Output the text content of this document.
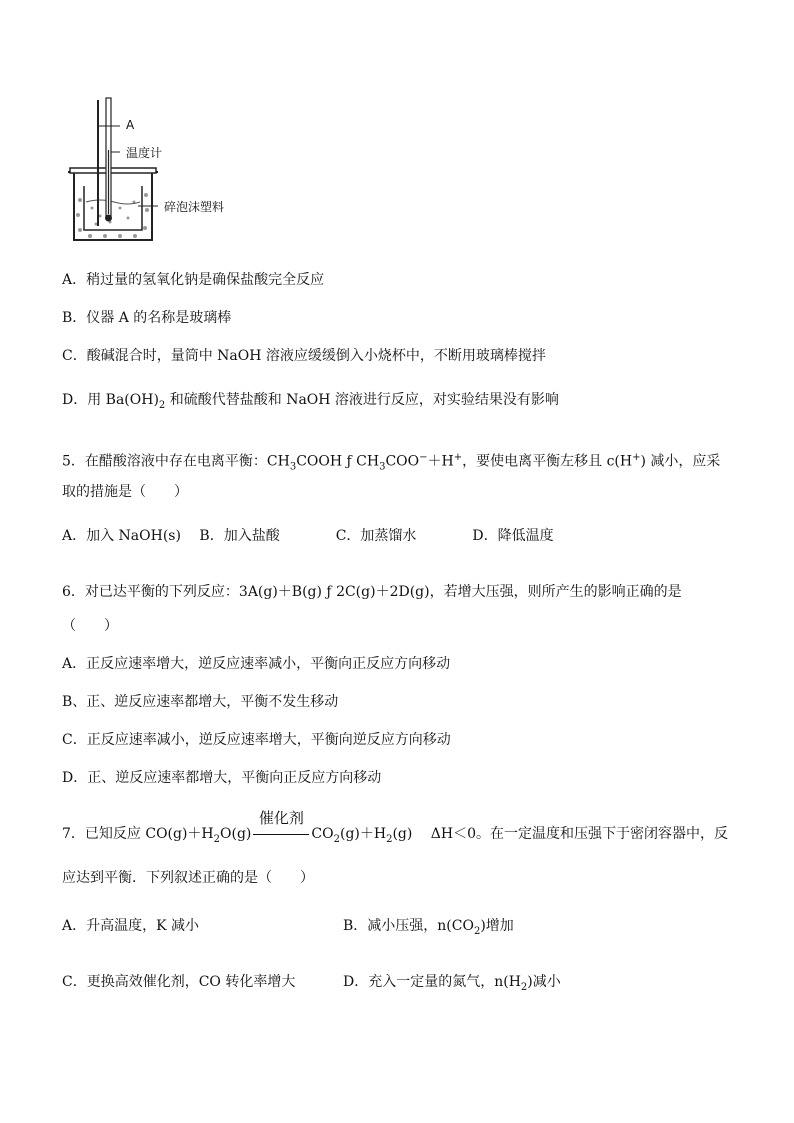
A
温度计
碎泡沫塑料
A．稍过量的氢氧化钠是确保盐酸完全反应
B．仪器 A 的名称是玻璃棒
C．酸碱混合时，量筒中 NaOH 溶液应缓缓倒入小烧杯中，不断用玻璃棒搅拌
D．用 $Ba(OH)_2$ 和硫酸代替盐酸和 NaOH 溶液进行反应，对实验结果没有影响
5．在醋酸溶液中存在电离平衡：$CH_3COOH$ ƒ $CH_3COO^-+H^+$，要使电离平衡左移且 c(H+) 减小，应采
取的措施是（　　）
A．加入 NaOH(s)　 B．加入盐酸　　　　C．加蒸馏水　　　　D．降低温度
6．对已达平衡的下列反应：3A(g)＋B(g) ƒ 2C(g)＋2D(g)，若增大压强，则所产生的影响正确的是
（　　）
A．正反应速率增大，逆反应速率减小，平衡向正反应方向移动
B、正、逆反应速率都增大，平衡不发生移动
C．正反应速率减小，逆反应速率增大，平衡向逆反应方向移动
D．正、逆反应速率都增大，平衡向正反应方向移动
7．已知反应 $CO(g)+H_2O(g)$
催化剂
$CO_2(g)+H_2(g)$　 ΔH＜0。在一定温度和压强下于密闭容器中，反
应达到平衡．下列叙述正确的是（　　）
A．升高温度，K 减小	B．减小压强，$n(CO_2)$增加
C．更换高效催化剂，CO 转化率增大	D．充入一定量的氮气，$n(H_2)$减小
